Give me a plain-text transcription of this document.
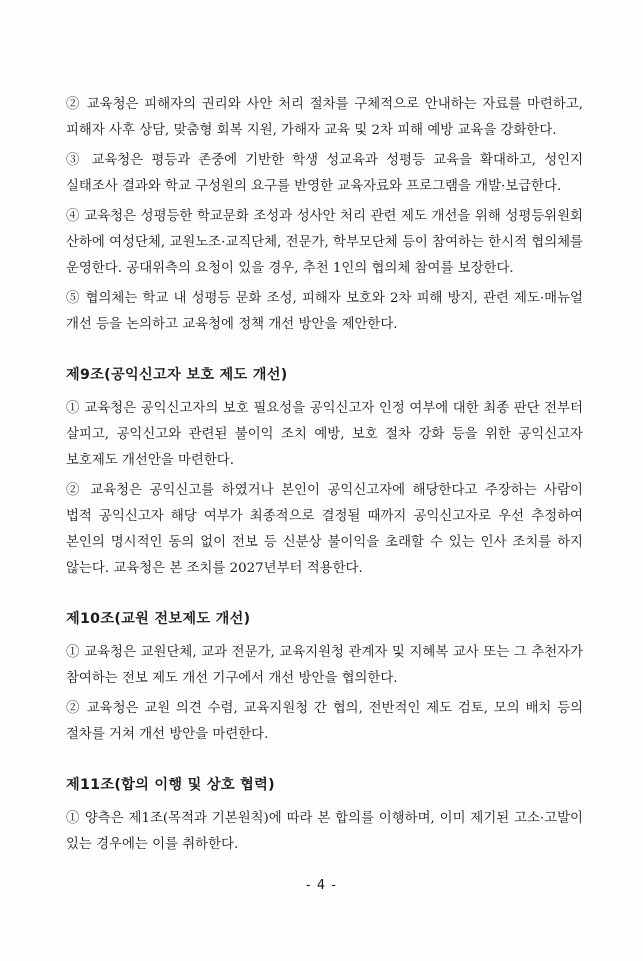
② 교육청은 피해자의 권리와 사안 처리 절차를 구체적으로 안내하는 자료를 마련하고, 피해자 사후 상담, 맞춤형 회복 지원, 가해자 교육 및 2차 피해 예방 교육을 강화한다.

③ 교육청은 평등과 존중에 기반한 학생 성교육과 성평등 교육을 확대하고, 성인지 실태조사 결과와 학교 구성원의 요구를 반영한 교육자료와 프로그램을 개발·보급한다.

④ 교육청은 성평등한 학교문화 조성과 성사안 처리 관련 제도 개선을 위해 성평등위원회 산하에 여성단체, 교원노조·교직단체, 전문가, 학부모단체 등이 참여하는 한시적 협의체를 운영한다. 공대위측의 요청이 있을 경우, 추천 1인의 협의체 참여를 보장한다.

⑤ 협의체는 학교 내 성평등 문화 조성, 피해자 보호와 2차 피해 방지, 관련 제도·매뉴얼 개선 등을 논의하고 교육청에 정책 개선 방안을 제안한다.

제9조(공익신고자 보호 제도 개선)

① 교육청은 공익신고자의 보호 필요성을 공익신고자 인정 여부에 대한 최종 판단 전부터 살피고, 공익신고와 관련된 불이익 조치 예방, 보호 절차 강화 등을 위한 공익신고자 보호제도 개선안을 마련한다.

② 교육청은 공익신고를 하였거나 본인이 공익신고자에 해당한다고 주장하는 사람이 법적 공익신고자 해당 여부가 최종적으로 결정될 때까지 공익신고자로 우선 추정하여 본인의 명시적인 동의 없이 전보 등 신분상 불이익을 초래할 수 있는 인사 조치를 하지 않는다. 교육청은 본 조치를 2027년부터 적용한다.

제10조(교원 전보제도 개선)

① 교육청은 교원단체, 교과 전문가, 교육지원청 관계자 및 지혜복 교사 또는 그 추천자가 참여하는 전보 제도 개선 기구에서 개선 방안을 협의한다.

② 교육청은 교원 의견 수렴, 교육지원청 간 협의, 전반적인 제도 검토, 모의 배치 등의 절차를 거쳐 개선 방안을 마련한다.

제11조(합의 이행 및 상호 협력)

① 양측은 제1조(목적과 기본원칙)에 따라 본 합의를 이행하며, 이미 제기된 고소·고발이 있는 경우에는 이를 취하한다.

- 4 -
